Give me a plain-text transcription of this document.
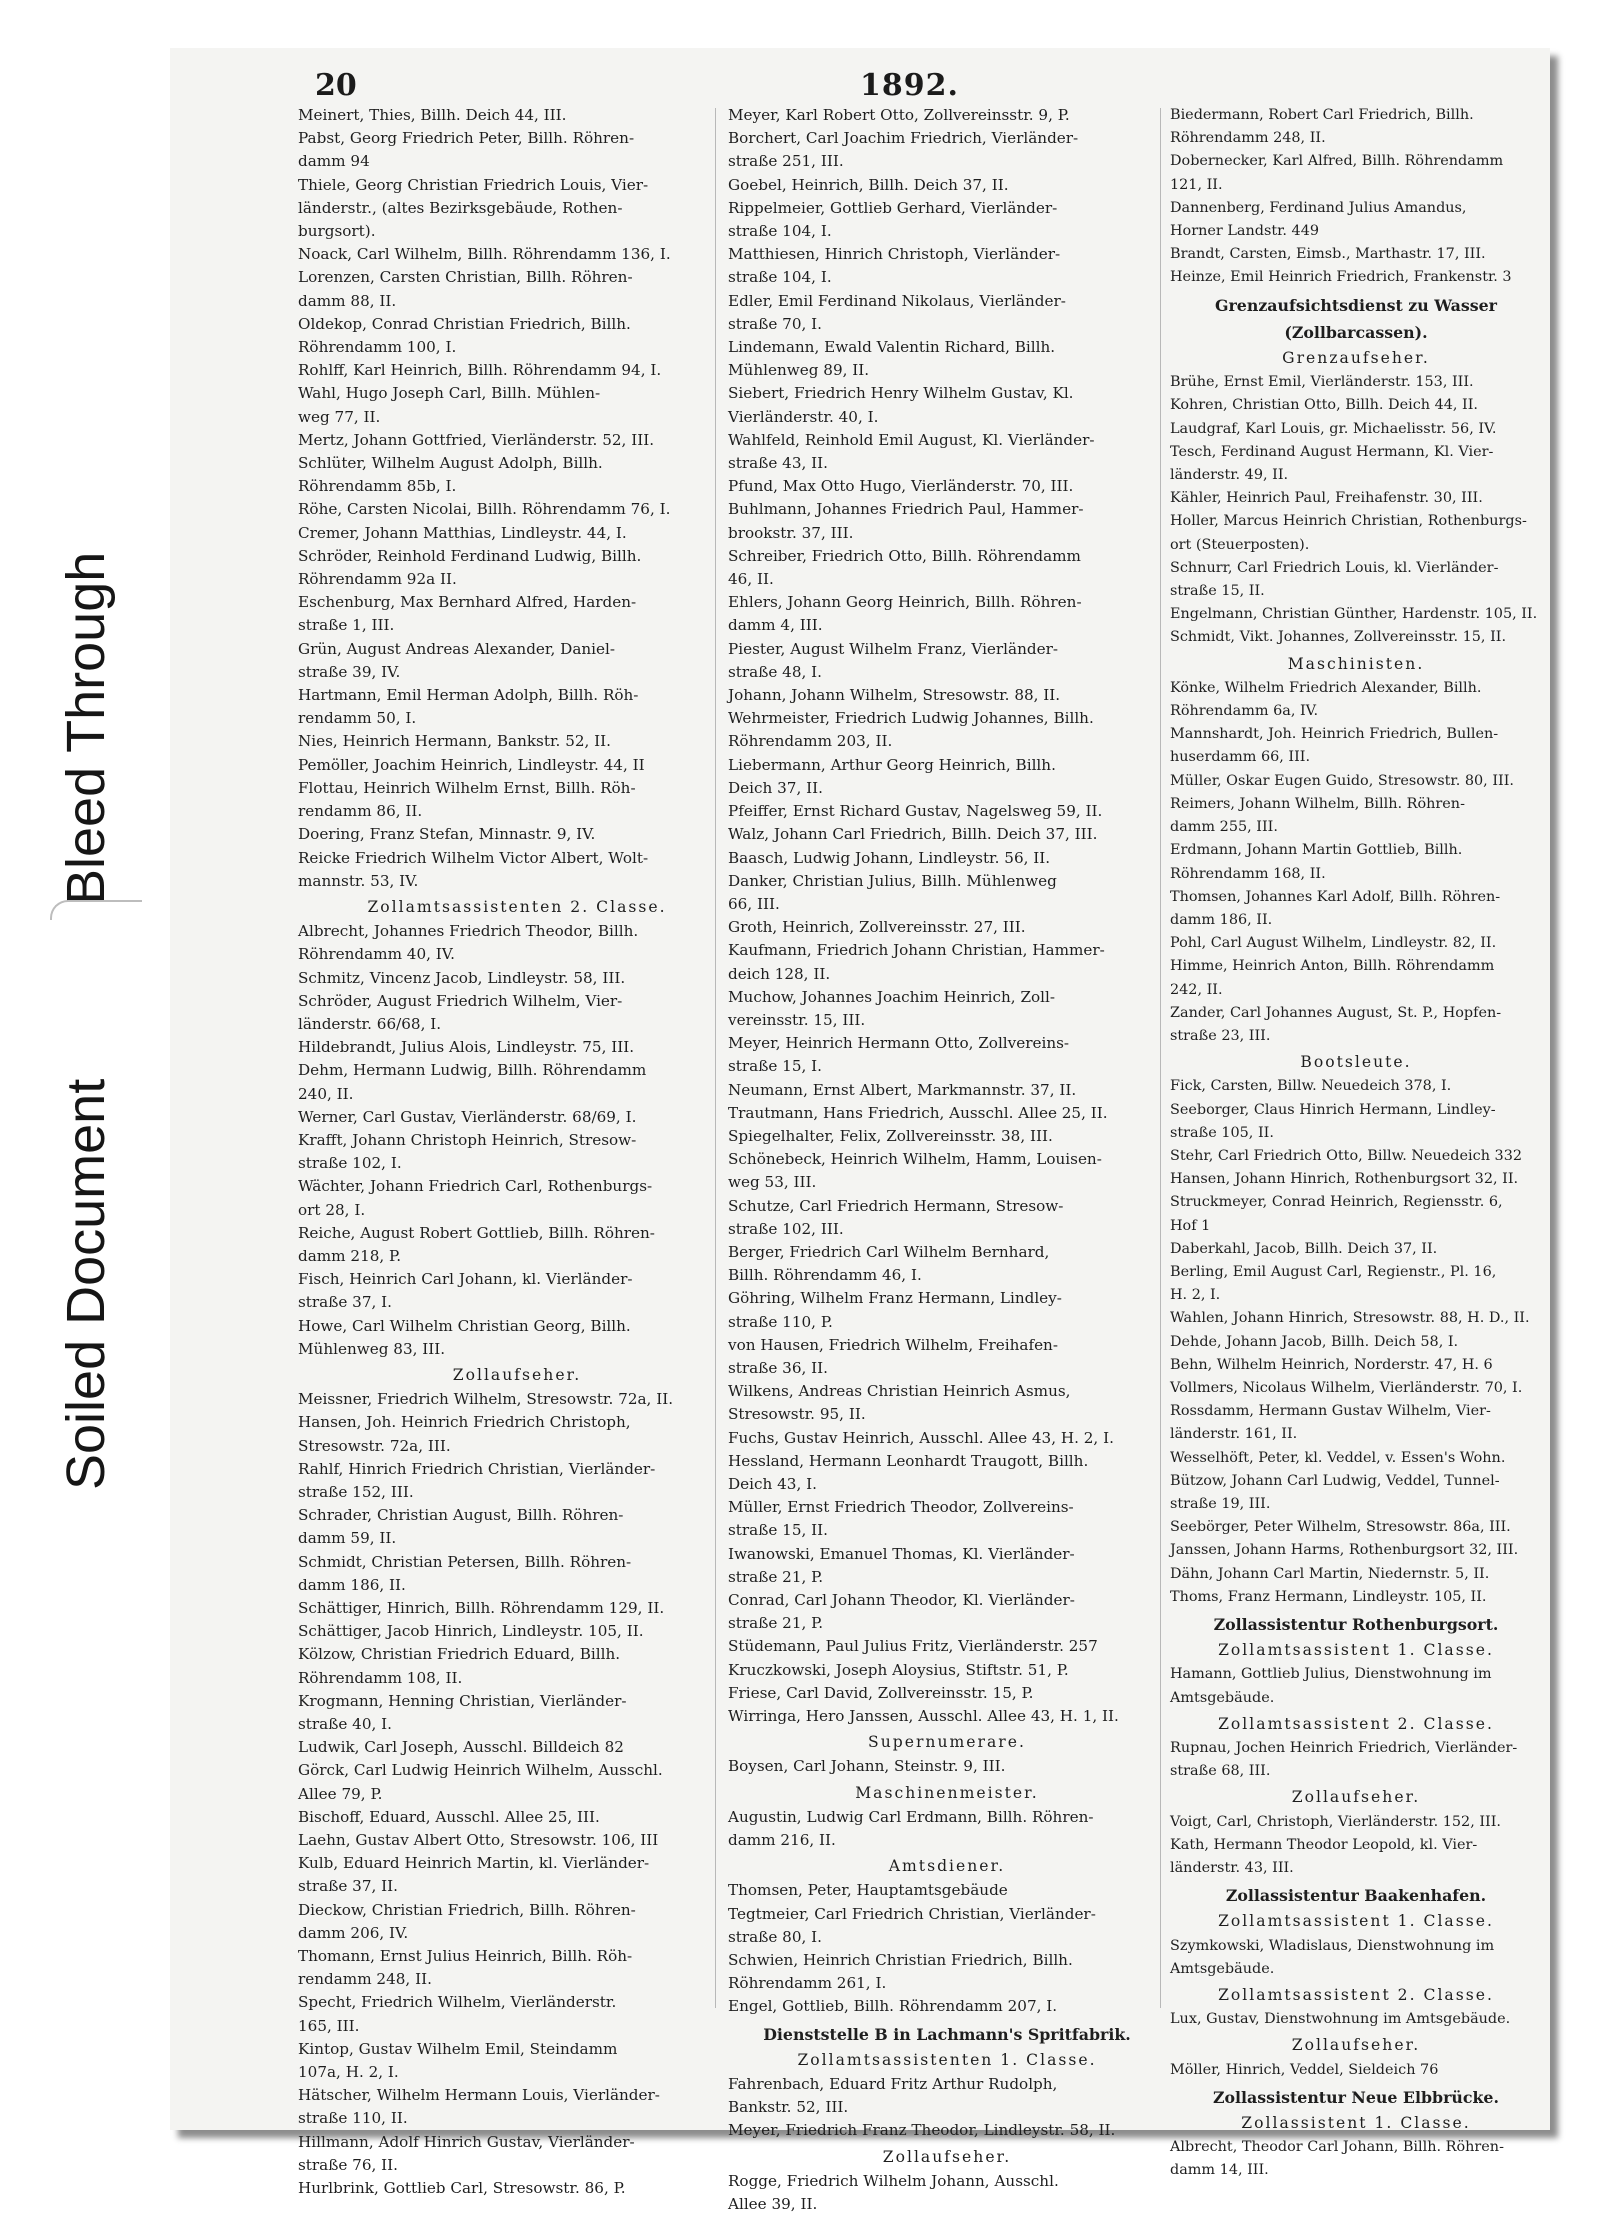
Bleed Through
Soiled Document
20	1892.
Meinert, Thies, Billh. Deich 44, III.
Pabst, Georg Friedrich Peter, Billh. Röhren-
damm 94
Thiele, Georg Christian Friedrich Louis, Vier-
länderstr., (altes Bezirksgebäude, Rothen-
burgsort).
Noack, Carl Wilhelm, Billh. Röhrendamm 136, I.
Lorenzen, Carsten Christian, Billh. Röhren-
damm 88, II.
Oldekop, Conrad Christian Friedrich, Billh.
Röhrendamm 100, I.
Rohlff, Karl Heinrich, Billh. Röhrendamm 94, I.
Wahl, Hugo Joseph Carl, Billh. Mühlen-
weg 77, II.
Mertz, Johann Gottfried, Vierländerstr. 52, III.
Schlüter, Wilhelm August Adolph, Billh.
Röhrendamm 85b, I.
Röhe, Carsten Nicolai, Billh. Röhrendamm 76, I.
Cremer, Johann Matthias, Lindleystr. 44, I.
Schröder, Reinhold Ferdinand Ludwig, Billh.
Röhrendamm 92a II.
Eschenburg, Max Bernhard Alfred, Harden-
straße 1, III.
Grün, August Andreas Alexander, Daniel-
straße 39, IV.
Hartmann, Emil Herman Adolph, Billh. Röh-
rendamm 50, I.
Nies, Heinrich Hermann, Bankstr. 52, II.
Pemöller, Joachim Heinrich, Lindleystr. 44, II
Flottau, Heinrich Wilhelm Ernst, Billh. Röh-
rendamm 86, II.
Doering, Franz Stefan, Minnastr. 9, IV.
Reicke Friedrich Wilhelm Victor Albert, Wolt-
mannstr. 53, IV.
Zollamtsassistenten 2. Classe.
Albrecht, Johannes Friedrich Theodor, Billh.
Röhrendamm 40, IV.
Schmitz, Vincenz Jacob, Lindleystr. 58, III.
Schröder, August Friedrich Wilhelm, Vier-
länderstr. 66/68, I.
Hildebrandt, Julius Alois, Lindleystr. 75, III.
Dehm, Hermann Ludwig, Billh. Röhrendamm
240, II.
Werner, Carl Gustav, Vierländerstr. 68/69, I.
Krafft, Johann Christoph Heinrich, Stresow-
straße 102, I.
Wächter, Johann Friedrich Carl, Rothenburgs-
ort 28, I.
Reiche, August Robert Gottlieb, Billh. Röhren-
damm 218, P.
Fisch, Heinrich Carl Johann, kl. Vierländer-
straße 37, I.
Howe, Carl Wilhelm Christian Georg, Billh.
Mühlenweg 83, III.
Zollaufseher.
Meissner, Friedrich Wilhelm, Stresowstr. 72a, II.
Hansen, Joh. Heinrich Friedrich Christoph,
Stresowstr. 72a, III.
Rahlf, Hinrich Friedrich Christian, Vierländer-
straße 152, III.
Schrader, Christian August, Billh. Röhren-
damm 59, II.
Schmidt, Christian Petersen, Billh. Röhren-
damm 186, II.
Schättiger, Hinrich, Billh. Röhrendamm 129, II.
Schättiger, Jacob Hinrich, Lindleystr. 105, II.
Kölzow, Christian Friedrich Eduard, Billh.
Röhrendamm 108, II.
Krogmann, Henning Christian, Vierländer-
straße 40, I.
Ludwik, Carl Joseph, Ausschl. Billdeich 82
Görck, Carl Ludwig Heinrich Wilhelm, Ausschl.
Allee 79, P.
Bischoff, Eduard, Ausschl. Allee 25, III.
Laehn, Gustav Albert Otto, Stresowstr. 106, III
Kulb, Eduard Heinrich Martin, kl. Vierländer-
straße 37, II.
Dieckow, Christian Friedrich, Billh. Röhren-
damm 206, IV.
Thomann, Ernst Julius Heinrich, Billh. Röh-
rendamm 248, II.
Specht, Friedrich Wilhelm, Vierländerstr.
165, III.
Kintop, Gustav Wilhelm Emil, Steindamm
107a, H. 2, I.
Hätscher, Wilhelm Hermann Louis, Vierländer-
straße 110, II.
Hillmann, Adolf Hinrich Gustav, Vierländer-
straße 76, II.
Hurlbrink, Gottlieb Carl, Stresowstr. 86, P.
Meyer, Karl Robert Otto, Zollvereinsstr. 9, P.
Borchert, Carl Joachim Friedrich, Vierländer-
straße 251, III.
Goebel, Heinrich, Billh. Deich 37, II.
Rippelmeier, Gottlieb Gerhard, Vierländer-
straße 104, I.
Matthiesen, Hinrich Christoph, Vierländer-
straße 104, I.
Edler, Emil Ferdinand Nikolaus, Vierländer-
straße 70, I.
Lindemann, Ewald Valentin Richard, Billh.
Mühlenweg 89, II.
Siebert, Friedrich Henry Wilhelm Gustav, Kl.
Vierländerstr. 40, I.
Wahlfeld, Reinhold Emil August, Kl. Vierländer-
straße 43, II.
Pfund, Max Otto Hugo, Vierländerstr. 70, III.
Buhlmann, Johannes Friedrich Paul, Hammer-
brookstr. 37, III.
Schreiber, Friedrich Otto, Billh. Röhrendamm
46, II.
Ehlers, Johann Georg Heinrich, Billh. Röhren-
damm 4, III.
Piester, August Wilhelm Franz, Vierländer-
straße 48, I.
Johann, Johann Wilhelm, Stresowstr. 88, II.
Wehrmeister, Friedrich Ludwig Johannes, Billh.
Röhrendamm 203, II.
Liebermann, Arthur Georg Heinrich, Billh.
Deich 37, II.
Pfeiffer, Ernst Richard Gustav, Nagelsweg 59, II.
Walz, Johann Carl Friedrich, Billh. Deich 37, III.
Baasch, Ludwig Johann, Lindleystr. 56, II.
Danker, Christian Julius, Billh. Mühlenweg
66, III.
Groth, Heinrich, Zollvereinsstr. 27, III.
Kaufmann, Friedrich Johann Christian, Hammer-
deich 128, II.
Muchow, Johannes Joachim Heinrich, Zoll-
vereinsstr. 15, III.
Meyer, Heinrich Hermann Otto, Zollvereins-
straße 15, I.
Neumann, Ernst Albert, Markmannstr. 37, II.
Trautmann, Hans Friedrich, Ausschl. Allee 25, II.
Spiegelhalter, Felix, Zollvereinsstr. 38, III.
Schönebeck, Heinrich Wilhelm, Hamm, Louisen-
weg 53, III.
Schutze, Carl Friedrich Hermann, Stresow-
straße 102, III.
Berger, Friedrich Carl Wilhelm Bernhard,
Billh. Röhrendamm 46, I.
Göhring, Wilhelm Franz Hermann, Lindley-
straße 110, P.
von Hausen, Friedrich Wilhelm, Freihafen-
straße 36, II.
Wilkens, Andreas Christian Heinrich Asmus,
Stresowstr. 95, II.
Fuchs, Gustav Heinrich, Ausschl. Allee 43, H. 2, I.
Hessland, Hermann Leonhardt Traugott, Billh.
Deich 43, I.
Müller, Ernst Friedrich Theodor, Zollvereins-
straße 15, II.
Iwanowski, Emanuel Thomas, Kl. Vierländer-
straße 21, P.
Conrad, Carl Johann Theodor, Kl. Vierländer-
straße 21, P.
Stüdemann, Paul Julius Fritz, Vierländerstr. 257
Kruczkowski, Joseph Aloysius, Stiftstr. 51, P.
Friese, Carl David, Zollvereinsstr. 15, P.
Wirringa, Hero Janssen, Ausschl. Allee 43, H. 1, II.
Supernumerare.
Boysen, Carl Johann, Steinstr. 9, III.
Maschinenmeister.
Augustin, Ludwig Carl Erdmann, Billh. Röhren-
damm 216, II.
Amtsdiener.
Thomsen, Peter, Hauptamtsgebäude
Tegtmeier, Carl Friedrich Christian, Vierländer-
straße 80, I.
Schwien, Heinrich Christian Friedrich, Billh.
Röhrendamm 261, I.
Engel, Gottlieb, Billh. Röhrendamm 207, I.
Dienststelle B in Lachmann's Spritfabrik.
Zollamtsassistenten 1. Classe.
Fahrenbach, Eduard Fritz Arthur Rudolph,
Bankstr. 52, III.
Meyer, Friedrich Franz Theodor, Lindleystr. 58, II.
Zollaufseher.
Rogge, Friedrich Wilhelm Johann, Ausschl.
Allee 39, II.
Biedermann, Robert Carl Friedrich, Billh.
Röhrendamm 248, II.
Dobernecker, Karl Alfred, Billh. Röhrendamm
121, II.
Dannenberg, Ferdinand Julius Amandus,
Horner Landstr. 449
Brandt, Carsten, Eimsb., Marthastr. 17, III.
Heinze, Emil Heinrich Friedrich, Frankenstr. 3
Grenzaufsichtsdienst zu Wasser
(Zollbarcassen).
Grenzaufseher.
Brühe, Ernst Emil, Vierländerstr. 153, III.
Kohren, Christian Otto, Billh. Deich 44, II.
Laudgraf, Karl Louis, gr. Michaelisstr. 56, IV.
Tesch, Ferdinand August Hermann, Kl. Vier-
länderstr. 49, II.
Kähler, Heinrich Paul, Freihafenstr. 30, III.
Holler, Marcus Heinrich Christian, Rothenburgs-
ort (Steuerposten).
Schnurr, Carl Friedrich Louis, kl. Vierländer-
straße 15, II.
Engelmann, Christian Günther, Hardenstr. 105, II.
Schmidt, Vikt. Johannes, Zollvereinsstr. 15, II.
Maschinisten.
Könke, Wilhelm Friedrich Alexander, Billh.
Röhrendamm 6a, IV.
Mannshardt, Joh. Heinrich Friedrich, Bullen-
huserdamm 66, III.
Müller, Oskar Eugen Guido, Stresowstr. 80, III.
Reimers, Johann Wilhelm, Billh. Röhren-
damm 255, III.
Erdmann, Johann Martin Gottlieb, Billh.
Röhrendamm 168, II.
Thomsen, Johannes Karl Adolf, Billh. Röhren-
damm 186, II.
Pohl, Carl August Wilhelm, Lindleystr. 82, II.
Himme, Heinrich Anton, Billh. Röhrendamm
242, II.
Zander, Carl Johannes August, St. P., Hopfen-
straße 23, III.
Bootsleute.
Fick, Carsten, Billw. Neuedeich 378, I.
Seeborger, Claus Hinrich Hermann, Lindley-
straße 105, II.
Stehr, Carl Friedrich Otto, Billw. Neuedeich 332
Hansen, Johann Hinrich, Rothenburgsort 32, II.
Struckmeyer, Conrad Heinrich, Regiensstr. 6,
Hof 1
Daberkahl, Jacob, Billh. Deich 37, II.
Berling, Emil August Carl, Regienstr., Pl. 16,
H. 2, I.
Wahlen, Johann Hinrich, Stresowstr. 88, H. D., II.
Dehde, Johann Jacob, Billh. Deich 58, I.
Behn, Wilhelm Heinrich, Norderstr. 47, H. 6
Vollmers, Nicolaus Wilhelm, Vierländerstr. 70, I.
Rossdamm, Hermann Gustav Wilhelm, Vier-
länderstr. 161, II.
Wesselhöft, Peter, kl. Veddel, v. Essen's Wohn.
Bützow, Johann Carl Ludwig, Veddel, Tunnel-
straße 19, III.
Seebörger, Peter Wilhelm, Stresowstr. 86a, III.
Janssen, Johann Harms, Rothenburgsort 32, III.
Dähn, Johann Carl Martin, Niedernstr. 5, II.
Thoms, Franz Hermann, Lindleystr. 105, II.
Zollassistentur Rothenburgsort.
Zollamtsassistent 1. Classe.
Hamann, Gottlieb Julius, Dienstwohnung im
Amtsgebäude.
Zollamtsassistent 2. Classe.
Rupnau, Jochen Heinrich Friedrich, Vierländer-
straße 68, III.
Zollaufseher.
Voigt, Carl, Christoph, Vierländerstr. 152, III.
Kath, Hermann Theodor Leopold, kl. Vier-
länderstr. 43, III.
Zollassistentur Baakenhafen.
Zollamtsassistent 1. Classe.
Szymkowski, Wladislaus, Dienstwohnung im
Amtsgebäude.
Zollamtsassistent 2. Classe.
Lux, Gustav, Dienstwohnung im Amtsgebäude.
Zollaufseher.
Möller, Hinrich, Veddel, Sieldeich 76
Zollassistentur Neue Elbbrücke.
Zollassistent 1. Classe.
Albrecht, Theodor Carl Johann, Billh. Röhren-
damm 14, III.
